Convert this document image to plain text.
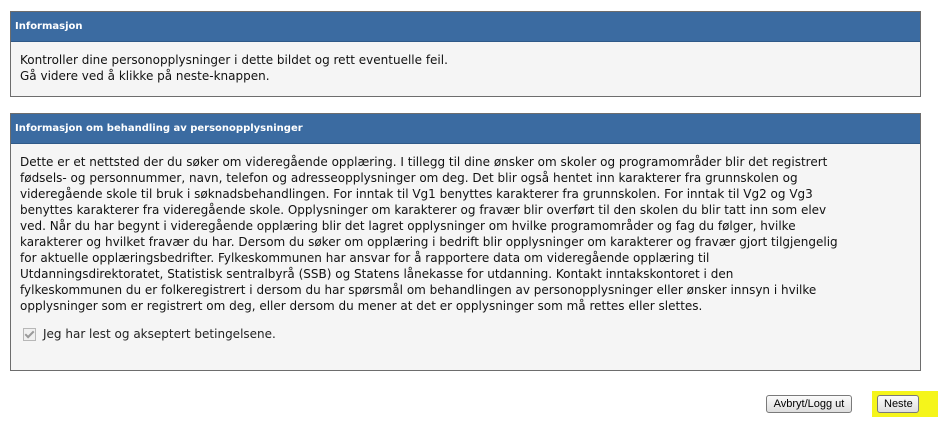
Informasjon

Kontroller dine personopplysninger i dette bildet og rett eventuelle feil.

Gå videre ved å klikke på neste-knappen.

Informasjon om behandling av personopplysninger

Dette er et nettsted der du søker om videregående opplæring. I tillegg til dine ønsker om skoler og programområder blir det registrert

fødsels- og personnummer, navn, telefon og adresseopplysninger om deg. Det blir også hentet inn karakterer fra grunnskolen og

videregående skole til bruk i søknadsbehandlingen. For inntak til Vg1 benyttes karakterer fra grunnskolen. For inntak til Vg2 og Vg3

benyttes karakterer fra videregående skole. Opplysninger om karakterer og fravær blir overført til den skolen du blir tatt inn som elev

ved. Når du har begynt i videregående opplæring blir det lagret opplysninger om hvilke programområder og fag du følger, hvilke

karakterer og hvilket fravær du har. Dersom du søker om opplæring i bedrift blir opplysninger om karakterer og fravær gjort tilgjengelig

for aktuelle opplæringsbedrifter. Fylkeskommunen har ansvar for å rapportere data om videregående opplæring til

Utdanningsdirektoratet, Statistisk sentralbyrå (SSB) og Statens lånekasse for utdanning. Kontakt inntakskontoret i den

fylkeskommunen du er folkeregistrert i dersom du har spørsmål om behandlingen av personopplysninger eller ønsker innsyn i hvilke

opplysninger som er registrert om deg, eller dersom du mener at det er opplysninger som må rettes eller slettes.

Jeg har lest og akseptert betingelsene.
Avbryt/Logg ut	Neste
